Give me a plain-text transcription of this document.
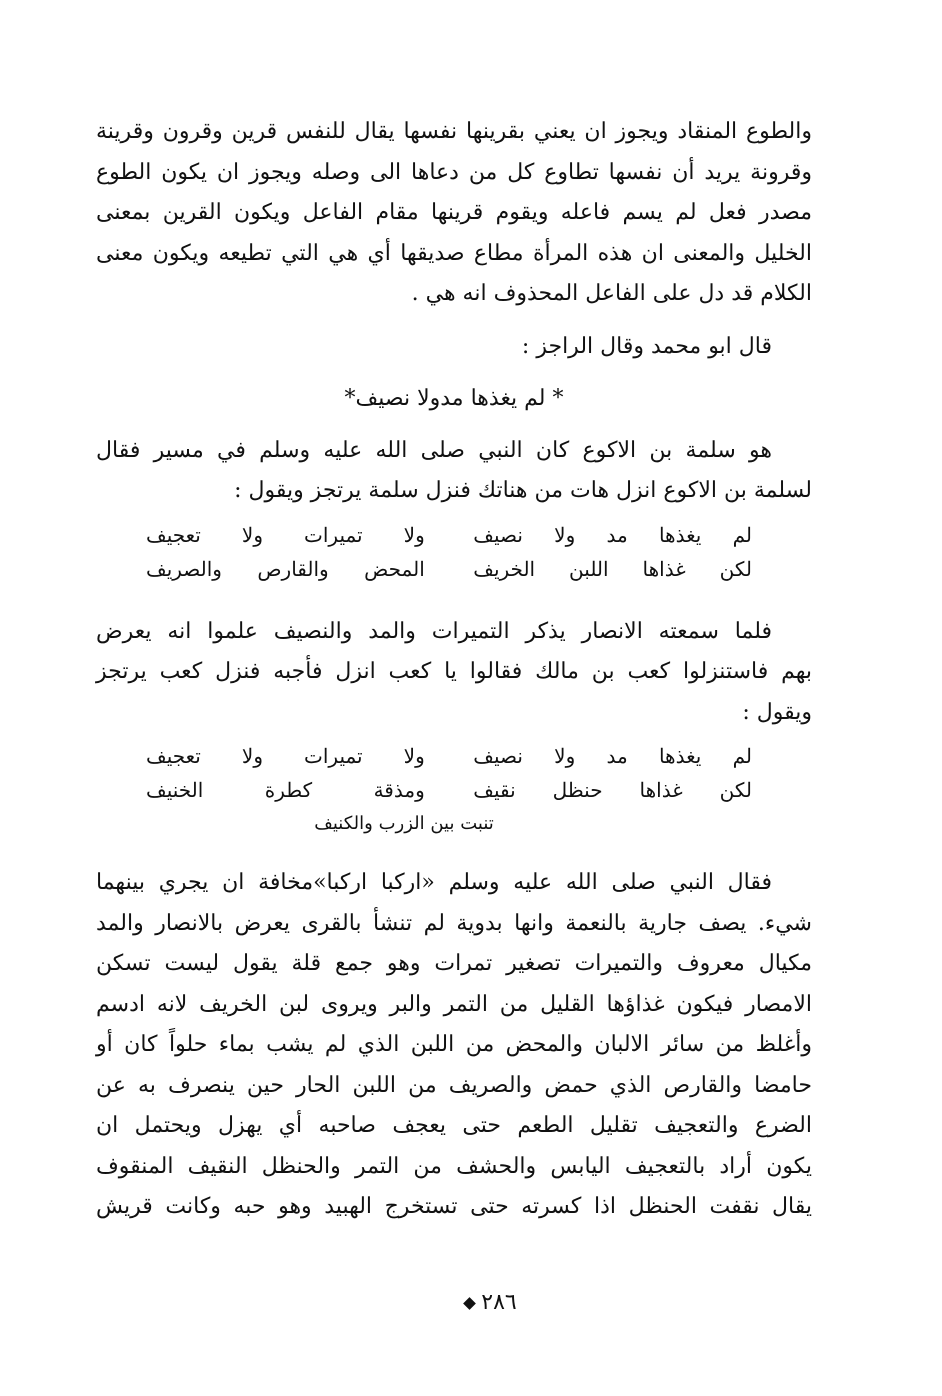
والطوع المنقاد ويجوز ان يعني بقرينها نفسها يقال للنفس قرين وقرون وقرينة
وقرونة يريد أن نفسها تطاوع كل من دعاها الى وصله ويجوز ان يكون الطوع
مصدر فعل لم يسم فاعله ويقوم قرينها مقام الفاعل ويكون القرين بمعنى
الخليل والمعنى ان هذه المرأة مطاع صديقها أي هي التي تطيعه ويكون معنى
الكلام قد دل على الفاعل المحذوف انه هي .

قال ابو محمد وقال الراجز :

* لم يغذها مدولا نصيف*

هو سلمة بن الاكوع كان النبي صلى الله عليه وسلم في مسير فقال
لسلمة بن الاكوع انزل هات من هناتك فنزل سلمة يرتجز ويقول :

لم يغذها مد ولا نصيف
ولا تميرات ولا تعجيف
لكن غذاها اللبن الخريف
المحض والقارص والصريف

فلما سمعته الانصار يذكر التميرات والمد والنصيف علموا انه يعرض
بهم فاستنزلوا كعب بن مالك فقالوا يا كعب انزل فأجبه فنزل كعب يرتجز
ويقول :

لم يغذها مد ولا نصيف
ولا تميرات ولا تعجيف
لكن غذاها حنظل نقيف
ومذقة كطرة الخنيف
تنبت بين الزرب والكنيف

فقال النبي صلى الله عليه وسلم «اركبا اركبا»مخافة ان يجري بينهما
شيء. يصف جارية بالنعمة وانها بدوية لم تنشأ بالقرى يعرض بالانصار والمد
مكيال معروف والتميرات تصغير تمرات وهو جمع قلة يقول ليست تسكن
الامصار فيكون غذاؤها القليل من التمر والبر ويروى لبن الخريف لانه ادسم
وأغلظ من سائر الالبان والمحض من اللبن الذي لم يشب بماء حلواً كان أو
حامضا والقارص الذي حمض والصريف من اللبن الحار حين ينصرف به عن
الضرع والتعجيف تقليل الطعم حتى يعجف صاحبه أي يهزل ويحتمل ان
يكون أراد بالتعجيف اليابس والحشف من التمر والحنظل النقيف المنقوف
يقال نقفت الحنظل اذا كسرته حتى تستخرج الهبيد وهو حبه وكانت قريش

٢٨٦
